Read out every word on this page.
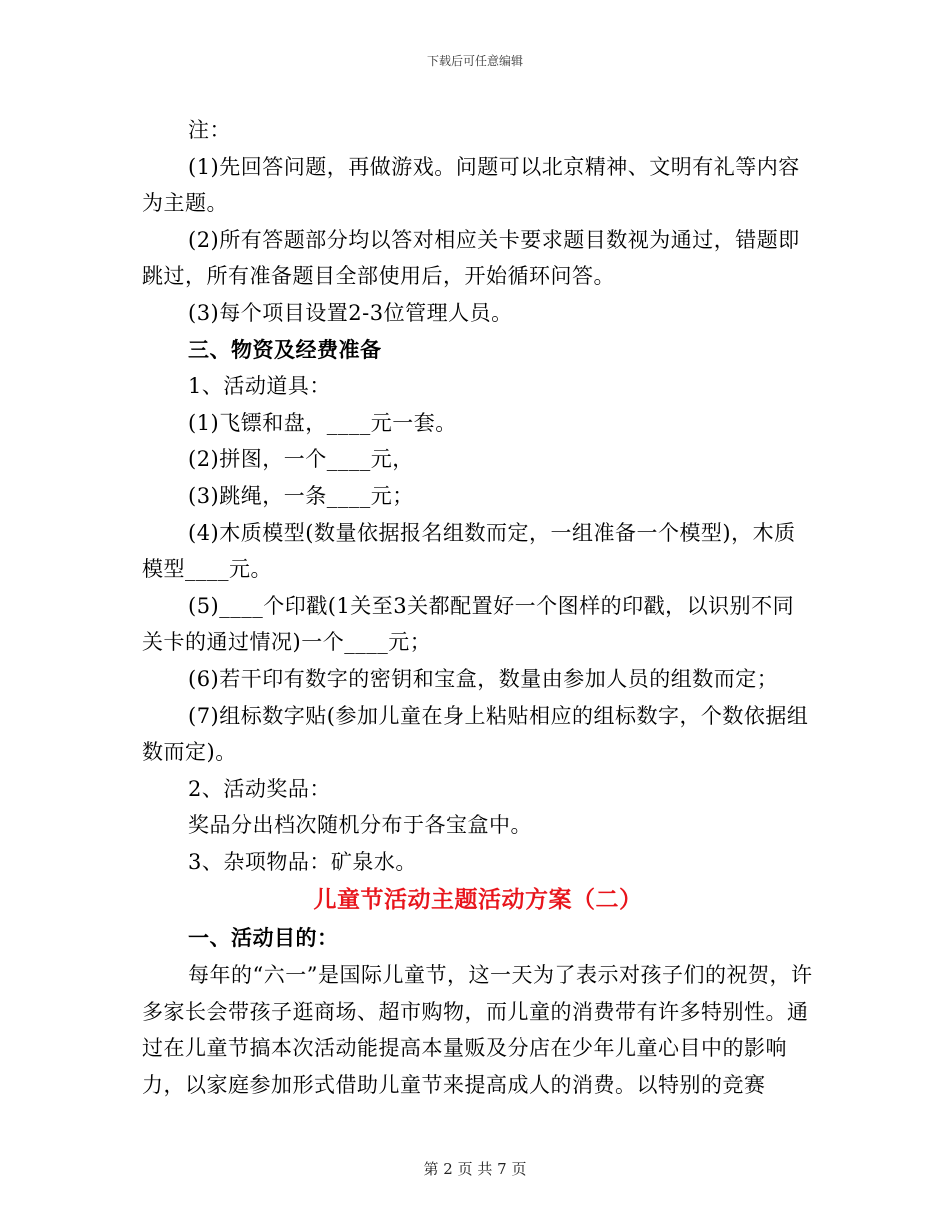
下载后可任意编辑

注：

(1)先回答问题，再做游戏。问题可以北京精神、文明有礼等内容为主题。

(2)所有答题部分均以答对相应关卡要求题目数视为通过，错题即跳过，所有准备题目全部使用后，开始循环问答。

(3)每个项目设置2-3位管理人员。

三、物资及经费准备

1、活动道具：

(1)飞镖和盘，____元一套。

(2)拼图，一个____元，

(3)跳绳，一条____元；

(4)木质模型(数量依据报名组数而定，一组准备一个模型)，木质模型____元。

(5)____个印戳(1关至3关都配置好一个图样的印戳，以识别不同关卡的通过情况)一个____元；

(6)若干印有数字的密钥和宝盒，数量由参加人员的组数而定；

(7)组标数字贴(参加儿童在身上粘贴相应的组标数字，个数依据组数而定)。

2、活动奖品：

奖品分出档次随机分布于各宝盒中。

3、杂项物品：矿泉水。

儿童节活动主题活动方案（二）

一、活动目的：

每年的“六一”是国际儿童节，这一天为了表示对孩子们的祝贺，许多家长会带孩子逛商场、超市购物，而儿童的消费带有许多特别性。通过在儿童节搞本次活动能提高本量贩及分店在少年儿童心目中的影响力，以家庭参加形式借助儿童节来提高成人的消费。以特别的竞赛

第 2 页 共 7 页
